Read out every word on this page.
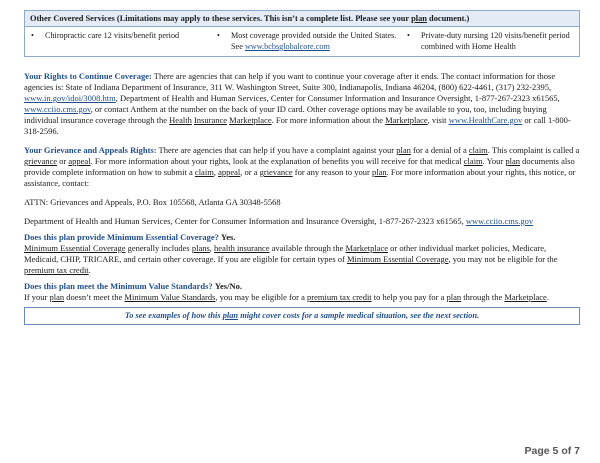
Other Covered Services (Limitations may apply to these services. This isn’t a complete list. Please see your plan document.)
•	Chiropractic care 12 visits/benefit period	•	Most coverage provided outside the United States. See www.bcbsglobalcore.com
•	Private-duty nursing 120 visits/benefit period combined with Home Health

Your Rights to Continue Coverage: There are agencies that can help if you want to continue your coverage after it ends. The contact information for those agencies is: State of Indiana Department of Insurance, 311 W. Washington Street, Suite 300, Indianapolis, Indiana 46204, (800) 622-4461, (317) 232-2395, www.in.gov/idoi/3008.htm, Department of Health and Human Services, Center for Consumer Information and Insurance Oversight, 1-877-267-2323 x61565, www.cciio.cms.gov, or contact Anthem at the number on the back of your ID card. Other coverage options may be available to you, too, including buying individual insurance coverage through the Health Insurance Marketplace. For more information about the Marketplace, visit www.HealthCare.gov or call 1-800-318-2596.

Your Grievance and Appeals Rights: There are agencies that can help if you have a complaint against your plan for a denial of a claim. This complaint is called a grievance or appeal. For more information about your rights, look at the explanation of benefits you will receive for that medical claim. Your plan documents also provide complete information on how to submit a claim, appeal, or a grievance for any reason to your plan. For more information about your rights, this notice, or assistance, contact:

ATTN: Grievances and Appeals, P.O. Box 105568, Atlanta GA 30348-5568

Department of Health and Human Services, Center for Consumer Information and Insurance Oversight, 1-877-267-2323 x61565, www.cciio.cms.gov

Does this plan provide Minimum Essential Coverage? Yes.
Minimum Essential Coverage generally includes plans, health insurance available through the Marketplace or other individual market policies, Medicare, Medicaid, CHIP, TRICARE, and certain other coverage. If you are eligible for certain types of Minimum Essential Coverage, you may not be eligible for the premium tax credit.

Does this plan meet the Minimum Value Standards? Yes/No.
If your plan doesn’t meet the Minimum Value Standards, you may be eligible for a premium tax credit to help you pay for a plan through the Marketplace.

To see examples of how this plan might cover costs for a sample medical situation, see the next section.
Page 5 of 7
